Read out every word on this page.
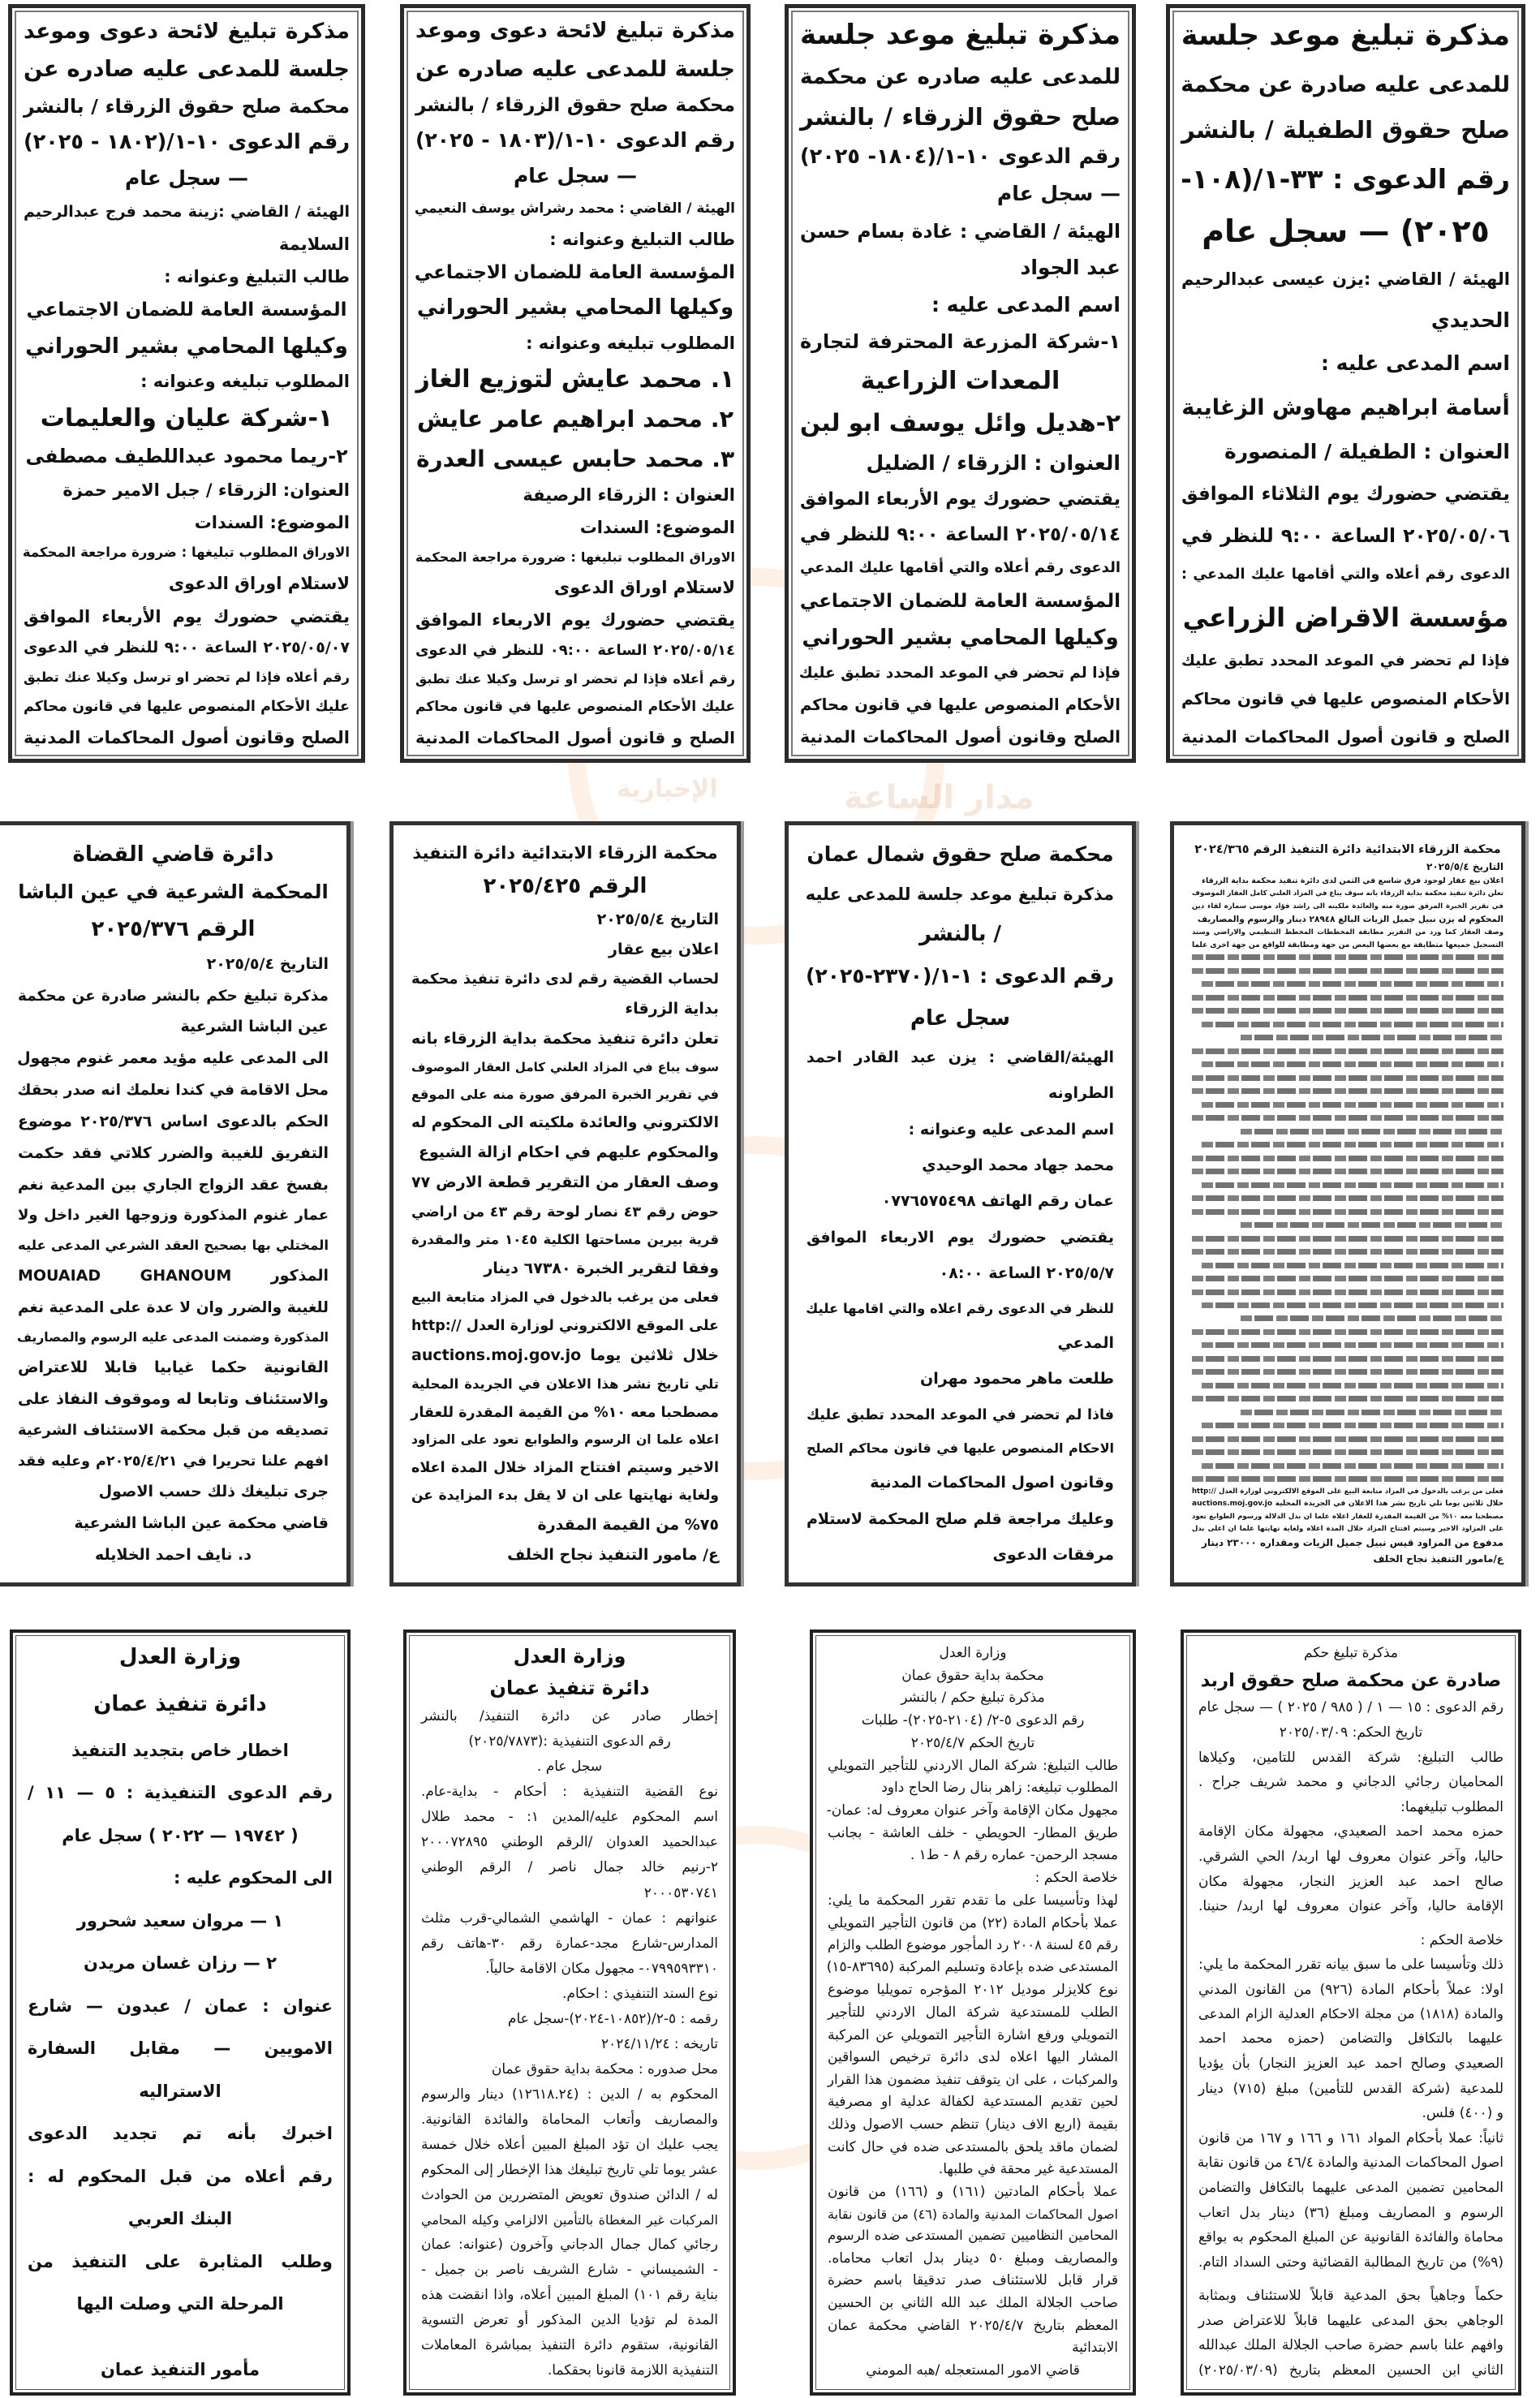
مدار الساعة
الإخبارية
مذكرة تبليغ موعد جلسة
للمدعى عليه صادرة عن محكمة
صلح حقوق الطفيلة / بالنشر
رقم الدعوى : ٣٣-١/(١٠٨-
٢٠٢٥) — سجل عام
الهيئة / القاضي :يزن عيسى عبدالرحيم
الحديدي
اسم المدعى عليه :
أسامة ابراهيم مهاوش الزغايبة
العنوان : الطفيلة / المنصورة
يقتضي حضورك يوم الثلاثاء الموافق
٢٠٢٥/٠٥/٠٦ الساعة ٩:٠٠ للنظر في
الدعوى رقم أعلاه والتي أقامها عليك المدعي :
مؤسسة الاقراض الزراعي
فإذا لم تحضر في الموعد المحدد تطبق عليك
الأحكام المنصوص عليها في قانون محاكم
الصلح و قانون أصول المحاكمات المدنية
مذكرة تبليغ موعد جلسة
للمدعى عليه صادره عن محكمة
صلح حقوق الزرقاء / بالنشر
رقم الدعوى ١٠-١/(١٨٠٤- ٢٠٢٥)
— سجل عام
الهيئة / القاضي : غادة بسام حسن
عبد الجواد
اسم المدعى عليه :
١-شركة المزرعة المحترفة لتجارة
المعدات الزراعية
٢-هديل وائل يوسف ابو لبن
العنوان : الزرقاء / الضليل
يقتضي حضورك يوم الأربعاء الموافق
٢٠٢٥/٠٥/١٤ الساعة ٩:٠٠ للنظر في
الدعوى رقم أعلاه والتي أقامها عليك المدعي
المؤسسة العامة للضمان الاجتماعي
وكيلها المحامي بشير الحوراني
فإذا لم تحضر في الموعد المحدد تطبق عليك
الأحكام المنصوص عليها في قانون محاكم
الصلح وقانون أصول المحاكمات المدنية
مذكرة تبليغ لائحة دعوى وموعد
جلسة للمدعى عليه صادره عن
محكمة صلح حقوق الزرقاء / بالنشر
رقم الدعوى ١٠-١/(١٨٠٣ - ٢٠٢٥)
— سجل عام
الهيئة / القاضي : محمد رشراش يوسف النعيمي
طالب التبليغ وعنوانه :
المؤسسة العامة للضمان الاجتماعي
وكيلها المحامي بشير الحوراني
المطلوب تبليغه وعنوانه :
١. محمد عايش لتوزيع الغاز
٢. محمد ابراهيم عامر عايش
٣. محمد حابس عيسى العدرة
العنوان : الزرقاء الرصيفة
الموضوع: السندات
الاوراق المطلوب تبليغها : ضرورة مراجعة المحكمة
لاستلام اوراق الدعوى
يقتضي حضورك يوم الاربعاء الموافق
٢٠٢٥/٠٥/١٤ الساعة ٠٩:٠٠ للنظر في الدعوى
رقم أعلاه فإذا لم تحضر او ترسل وكيلا عنك تطبق
عليك الأحكام المنصوص عليها في قانون محاكم
الصلح و قانون أصول المحاكمات المدنية
مذكرة تبليغ لائحة دعوى وموعد
جلسة للمدعى عليه صادره عن
محكمة صلح حقوق الزرقاء / بالنشر
رقم الدعوى ١٠-١/(١٨٠٢ - ٢٠٢٥)
— سجل عام
الهيئة / القاضي :زينة محمد فرج عبدالرحيم
السلايمة
طالب التبليغ وعنوانه :
المؤسسة العامة للضمان الاجتماعي
وكيلها المحامي بشير الحوراني
المطلوب تبليغه وعنوانه :
١-شركة عليان والعليمات
٢-ريما محمود عبداللطيف مصطفى
العنوان: الزرقاء / جبل الامير حمزة
الموضوع: السندات
الاوراق المطلوب تبليغها : ضرورة مراجعة المحكمة
لاستلام اوراق الدعوى
يقتضي حضورك يوم الأربعاء الموافق
٢٠٢٥/٠٥/٠٧ الساعة ٩:٠٠ للنظر في الدعوى
رقم أعلاه فإذا لم تحضر او ترسل وكيلا عنك تطبق
عليك الأحكام المنصوص عليها في قانون محاكم
الصلح وقانون أصول المحاكمات المدنية
محكمة الزرقاء الابتدائية دائرة التنفيذ الرقم ٢٠٢٤/٣٦٥
التاريخ ٢٠٢٥/٥/٤
اعلان بيع عقار لوجود فرق شاسع في الثمن لدى دائرة تنفيذ محكمة بداية الزرقاء
تعلن دائرة تنفيذ محكمة بداية الزرقاء بانه سوف يباع في المزاد العلني كامل العقار الموصوف
في تقرير الخبرة المرفق صورة منه والعائدة ملكيته الى راشد فؤاد موسى سماره لقاء دين
المحكوم له يزن نبيل جميل الزيات البالغ ٢٨٩٤٨ دينار والرسوم والمصاريف
وصف العقار كما ورد من التقرير مطابقة المخططات المخطط التنظيمي والاراضي وسند
التسجيل جميعها متطابقة مع بعضها البعض من جهة ومطابقة للواقع من جهة اخرى علما
فعلى من يرغب بالدخول في المزاد متابعة البيع على الموقع الالكتروني لوزارة العدل //:http
auctions.moj.gov.jo خلال ثلاثين يوما تلي تاريخ نشر هذا الاعلان في الجريدة المحلية
مصطحبا معه ١٠% من القيمة المقدرة للعقار اعلاه علما ان بدل الدلالة ورسوم الطوابع تعود
على المزاود الاخير وسيتم افتتاح المزاد خلال المدة اعلاه ولغاية نهايتها علما ان اعلى بدل
مدفوع من المزاود قيس نبيل جميل الزيات ومقداره ٢٣٠٠٠ دينار
ع/مامور التنفيذ نجاح الخلف
محكمة صلح حقوق شمال عمان
مذكرة تبليغ موعد جلسة للمدعى عليه
/ بالنشر
رقم الدعوى : ١-١/(٢٣٧٠-٢٠٢٥)
سجل عام
الهيئة/القاضي : يزن عبد القادر احمد
الطراونه
اسم المدعى عليه وعنوانه :
محمد جهاد محمد الوحيدي
عمان رقم الهاتف ٠٧٧٦٥٧٥٤٩٨
يقتضي حضورك يوم الاربعاء الموافق
٢٠٢٥/٥/٧ الساعة ٠٨:٠٠
للنظر في الدعوى رقم اعلاه والتي اقامها عليك
المدعي
طلعت ماهر محمود مهران
فاذا لم تحضر في الموعد المحدد تطبق عليك
الاحكام المنصوص عليها في قانون محاكم الصلح
وقانون اصول المحاكمات المدنية
وعليك مراجعة قلم صلح المحكمة لاستلام
مرفقات الدعوى
محكمة الزرقاء الابتدائية دائرة التنفيذ
الرقم ٢٠٢٥/٤٢٥
التاريخ ٢٠٢٥/٥/٤
اعلان بيع عقار
لحساب القضية رقم لدى دائرة تنفيذ محكمة
بداية الزرقاء
تعلن دائرة تنفيذ محكمة بداية الزرقاء بانه
سوف يباع في المزاد العلني كامل العقار الموصوف
في تقرير الخبرة المرفق صورة منه على الموقع
الالكتروني والعائدة ملكيته الى المحكوم له
والمحكوم عليهم في احكام ازالة الشيوع
وصف العقار من التقرير قطعة الارض ٧٧
حوض رقم ٤٣ نصار لوحة رقم ٤٣ من اراضي
قرية بيرين مساحتها الكلية ١٠٤٥ متر والمقدرة
وفقا لتقرير الخبرة ٦٧٣٨٠ دينار
فعلى من يرغب بالدخول في المزاد متابعة البيع
على الموقع الالكتروني لوزارة العدل //:http
auctions.moj.gov.jo خلال ثلاثين يوما
تلي تاريخ نشر هذا الاعلان في الجريدة المحلية
مصطحبا معه ١٠% من القيمة المقدرة للعقار
اعلاه علما ان الرسوم والطوابع تعود على المزاود
الاخير وسيتم افتتاح المزاد خلال المدة اعلاه
ولغاية نهايتها على ان لا يقل بدء المزايدة عن
٧٥% من القيمة المقدرة
ع/ مامور التنفيذ نجاح الخلف
دائرة قاضي القضاة
المحكمة الشرعية في عين الباشا
الرقم ٢٠٢٥/٣٧٦
التاريخ ٢٠٢٥/٥/٤
مذكرة تبليغ حكم بالنشر صادرة عن محكمة
عين الباشا الشرعية
الى المدعى عليه مؤيد معمر غنوم مجهول
محل الاقامة في كندا نعلمك انه صدر بحقك
الحكم بالدعوى اساس ٢٠٢٥/٣٧٦ موضوع
التفريق للغيبة والضرر كلاتي فقد حكمت
بفسخ عقد الزواج الجاري بين المدعية نغم
عمار غنوم المذكورة وزوجها الغير داخل ولا
المختلي بها بصحيح العقد الشرعي المدعى عليه
MOUAIAD GHANOUM المذكور
للغيبة والضرر وان لا عدة على المدعية نغم
المذكورة وضمنت المدعى عليه الرسوم والمصاريف
القانونية حكما غيابيا قابلا للاعتراض
والاستئناف وتابعا له وموقوف النفاذ على
تصديقه من قبل محكمة الاستئناف الشرعية
افهم علنا تحريرا في ٢٠٢٥/٤/٢١م وعليه فقد
جرى تبليغك ذلك حسب الاصول
قاضي محكمة عين الباشا الشرعية
د. نايف احمد الخلايله
مذكرة تبليغ حكم
صادرة عن محكمة صلح حقوق اربد
رقم الدعوى : ١٥ — ١ / ( ٩٨٥ / ٢٠٢٥ ) — سجل عام
تاريخ الحكم: ٢٠٢٥/٠٣/٠٩
طالب التبليغ: شركة القدس للتامين، وكيلاها
المحاميان رجائي الدجاني و محمد شريف جراح .
المطلوب تبليغهما:
حمزه محمد احمد الصعيدي، مجهولة مكان الإقامة
حاليا، وآخر عنوان معروف لها اربد/ الحي الشرقي.
صالح احمد عبد العزيز النجار، مجهولة مكان
الإقامة حاليا، وآخر عنوان معروف لها اربد/ حنينا.
خلاصة الحكم :
ذلك وتأسيسا على ما سبق بيانه تقرر المحكمة ما يلي:
اولا: عملاً بأحكام المادة (٩٢٦) من القانون المدني
والمادة (١٨١٨) من مجلة الاحكام العدلية الزام المدعى
عليهما بالتكافل والتضامن (حمزه محمد احمد
الصعيدي وصالح احمد عبد العزيز النجار) بأن يؤديا
للمدعية (شركة القدس للتأمين) مبلغ (٧١٥) دينار
و (٤٠٠) فلس.
ثانياً: عملا بأحكام المواد ١٦١ و ١٦٦ و ١٦٧ من قانون
اصول المحاكمات المدنية والمادة ٤٦/٤ من قانون نقابة
المحامين تضمين المدعى عليهما بالتكافل والتضامن
الرسوم و المصاريف ومبلغ (٣٦) دينار بدل اتعاب
محاماة والفائدة القانونية عن المبلغ المحكوم به بواقع
(٩%) من تاريخ المطالبة القضائية وحتى السداد التام.
حكماً وجاهياً بحق المدعية قابلاً للاستئناف وبمثابة
الوجاهي بحق المدعى عليهما قابلاً للاعتراض صدر
وافهم علنا باسم حضرة صاحب الجلالة الملك عبدالله
الثاني ابن الحسين المعظم بتاريخ (٢٠٢٥/٠٣/٠٩)
وزارة العدل
محكمة بداية حقوق عمان
مذكرة تبليغ حكم / بالنشر
رقم الدعوى ٥-٢/ (٢١٠٤-٢٠٢٥)- طلبات
تاريخ الحكم ٢٠٢٥/٤/٧
طالب التبليغ: شركة المال الاردني للتأجير التمويلي
المطلوب تبليغه: زاهر بنال رضا الحاج داود
مجهول مكان الإقامة وآخر عنوان معروف له: عمان-
طريق المطار- الحويطي - خلف العاشة - بجانب
مسجد الرحمن- عماره رقم ٨ - ط١ .
خلاصة الحكم :
لهذا وتأسيسا على ما تقدم تقرر المحكمة ما يلي:
عملا بأحكام المادة (٢٢) من قانون التأجير التمويلي
رقم ٤٥ لسنة ٢٠٠٨ رد المأجور موضوع الطلب والزام
المستدعى ضده بإعادة وتسليم المركبة (٨٣٦٩٥-١٥)
نوع كلايزلر موديل ٢٠١٢ المؤجره تمويليا موضوع
الطلب للمستدعية شركة المال الاردني للتأجير
التمويلي ورفع اشارة التأجير التمويلي عن المركبة
المشار اليها اعلاه لدى دائرة ترخيص السواقين
والمركبات ، على ان يتوقف تنفيذ مضمون هذا القرار
لحين تقديم المستدعية لكفالة عدلية او مصرفية
بقيمة (اربع الاف دينار) تنظم حسب الاصول وذلك
لضمان ماقد يلحق بالمستدعى ضده في حال كانت
المستدعية غير محقة في طلبها.
عملا بأحكام المادتين (١٦١) و (١٦٦) من قانون
اصول المحاكمات المدنية والمادة (٤٦) من قانون نقابة
المحامين النظاميين تضمين المستدعى ضده الرسوم
والمصاريف ومبلغ ٥٠ دينار بدل اتعاب محاماه.
قرار قابل للاستئناف صدر تدقيقا باسم حضرة
صاحب الجلالة الملك عبد الله الثاني بن الحسين
المعظم بتاريخ ٢٠٢٥/٤/٧ القاضي محكمة عمان
الابتدائية
قاضي الامور المستعجله /هبه المومني
وزارة العدل
دائرة تنفيذ عمان
إخطار صادر عن دائرة التنفيذ/ بالنشر
رقم الدعوى التنفيذية :(٢٠٢٥/٧٨٧٣)
سجل عام .
نوع القضية التنفيذية : أحكام - بداية-عام.
اسم المحكوم عليه/المدين ١: - محمد طلال
عبدالحميد العدوان /الرقم الوطني ٢٠٠٠٧٢٨٩٥
٢-رنيم خالد جمال ناصر / الرقم الوطني
٢٠٠٠٥٣٠٧٤١
عنوانهم : عمان - الهاشمي الشمالي-قرب مثلث
المدارس-شارع مجد-عمارة رقم ٣٠-هاتف رقم
٠٧٩٩٥٩٣٣١٠- مجهول مكان الاقامة حالياً.
نوع السند التنفيذي : احكام.
رقمه : ٥-٢/(١٠٨٥٢-٢٠٢٤)-سجل عام
تاريخه : ٢٠٢٤/١١/٢٤
محل صدوره : محكمة بداية حقوق عمان
المحكوم به / الدين : (١٢٦١٨.٢٤) دينار والرسوم
والمصاريف وأتعاب المحاماة والفائدة القانونية.
يجب عليك ان تؤد المبلغ المبين أعلاه خلال خمسة
عشر يوما تلي تاريخ تبليغك هذا الإخطار إلى المحكوم
له / الدائن صندوق تعويض المتضررين من الحوادث
المركبات غير المغطاة بالتأمين الالزامي وكيله المحامي
رجائي كمال جمال الدجاني وآخرون (عنوانه: عمان
- الشميساني - شارع الشريف ناصر بن جميل -
بناية رقم ١٠١) المبلغ المبين أعلاه، واذا انقضت هذه
المدة لم تؤديا الدين المذكور أو تعرض التسوية
القانونية، ستقوم دائرة التنفيذ بمباشرة المعاملات
التنفيذية اللازمة قانونا بحقكما.
وزارة العدل
دائرة تنفيذ عمان
اخطار خاص بتجديد التنفيذ
رقم الدعوى التنفيذية : ٥ — ١١ /
( ١٩٧٤٢ — ٢٠٢٢ ) سجل عام
الى المحكوم عليه :
١ — مروان سعيد شحرور
٢ — رزان غسان مريدن
عنوان : عمان / عبدون — شارع
الامويين — مقابل السفارة
الاستراليه
اخبرك بأنه تم تجديد الدعوى
رقم أعلاه من قبل المحكوم له :
البنك العربي
وطلب المثابرة على التنفيذ من
المرحلة التي وصلت اليها
مأمور التنفيذ عمان
